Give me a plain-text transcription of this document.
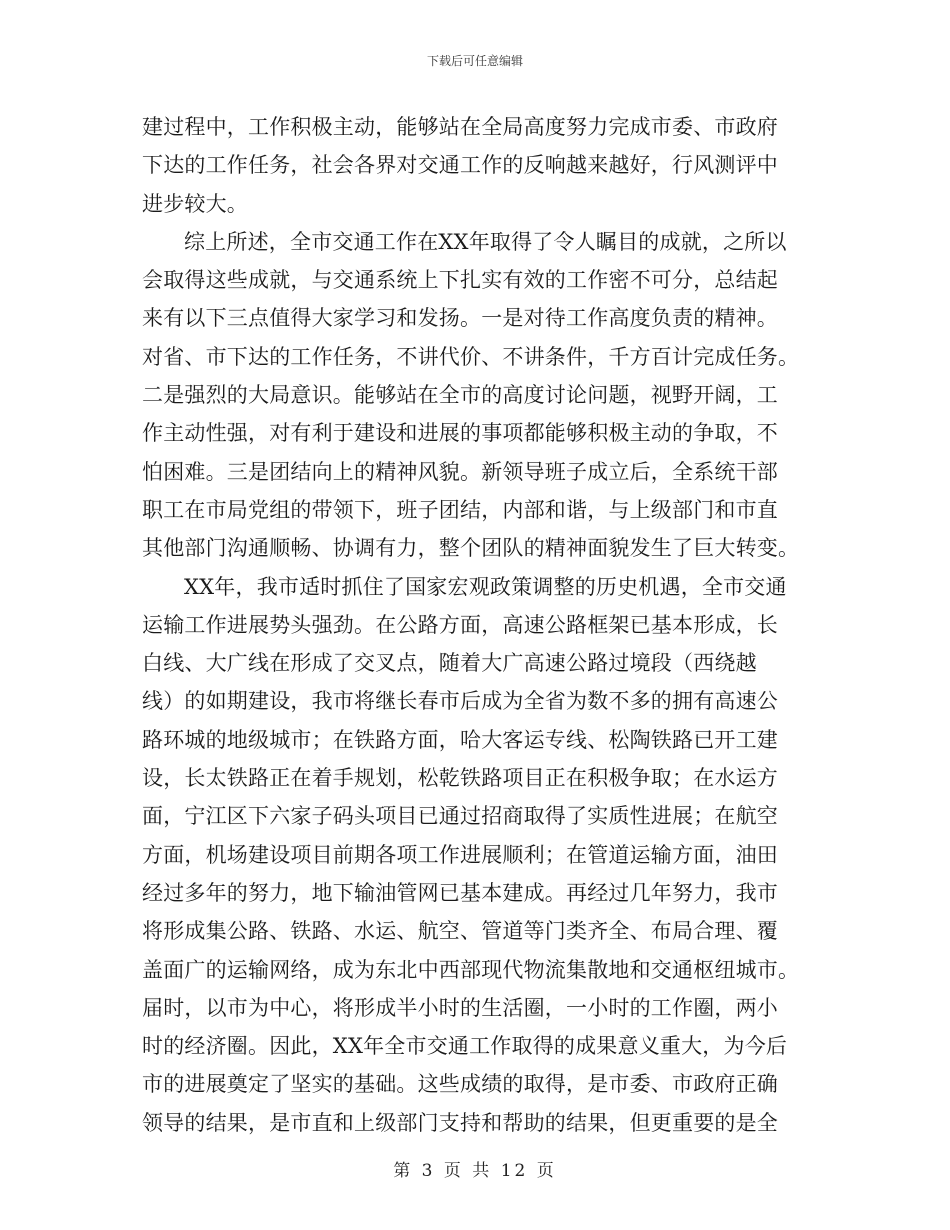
下载后可任意编辑
建过程中，工作积极主动，能够站在全局高度努力完成市委、市政府
下达的工作任务，社会各界对交通工作的反响越来越好，行风测评中
进步较大。
综上所述，全市交通工作在XX年取得了令人瞩目的成就，之所以
会取得这些成就，与交通系统上下扎实有效的工作密不可分，总结起
来有以下三点值得大家学习和发扬。一是对待工作高度负责的精神。
对省、市下达的工作任务，不讲代价、不讲条件，千方百计完成任务。
二是强烈的大局意识。能够站在全市的高度讨论问题，视野开阔，工
作主动性强，对有利于建设和进展的事项都能够积极主动的争取，不
怕困难。三是团结向上的精神风貌。新领导班子成立后，全系统干部
职工在市局党组的带领下，班子团结，内部和谐，与上级部门和市直
其他部门沟通顺畅、协调有力，整个团队的精神面貌发生了巨大转变。
XX年，我市适时抓住了国家宏观政策调整的历史机遇，全市交通
运输工作进展势头强劲。在公路方面，高速公路框架已基本形成，长
白线、大广线在形成了交叉点，随着大广高速公路过境段（西绕越
线）的如期建设，我市将继长春市后成为全省为数不多的拥有高速公
路环城的地级城市；在铁路方面，哈大客运专线、松陶铁路已开工建
设，长太铁路正在着手规划，松乾铁路项目正在积极争取；在水运方
面，宁江区下六家子码头项目已通过招商取得了实质性进展；在航空
方面，机场建设项目前期各项工作进展顺利；在管道运输方面，油田
经过多年的努力，地下输油管网已基本建成。再经过几年努力，我市
将形成集公路、铁路、水运、航空、管道等门类齐全、布局合理、覆
盖面广的运输网络，成为东北中西部现代物流集散地和交通枢纽城市。
届时，以市为中心，将形成半小时的生活圈，一小时的工作圈，两小
时的经济圈。因此，XX年全市交通工作取得的成果意义重大，为今后
市的进展奠定了坚实的基础。这些成绩的取得，是市委、市政府正确
领导的结果，是市直和上级部门支持和帮助的结果，但更重要的是全
第 3 页 共 12 页
